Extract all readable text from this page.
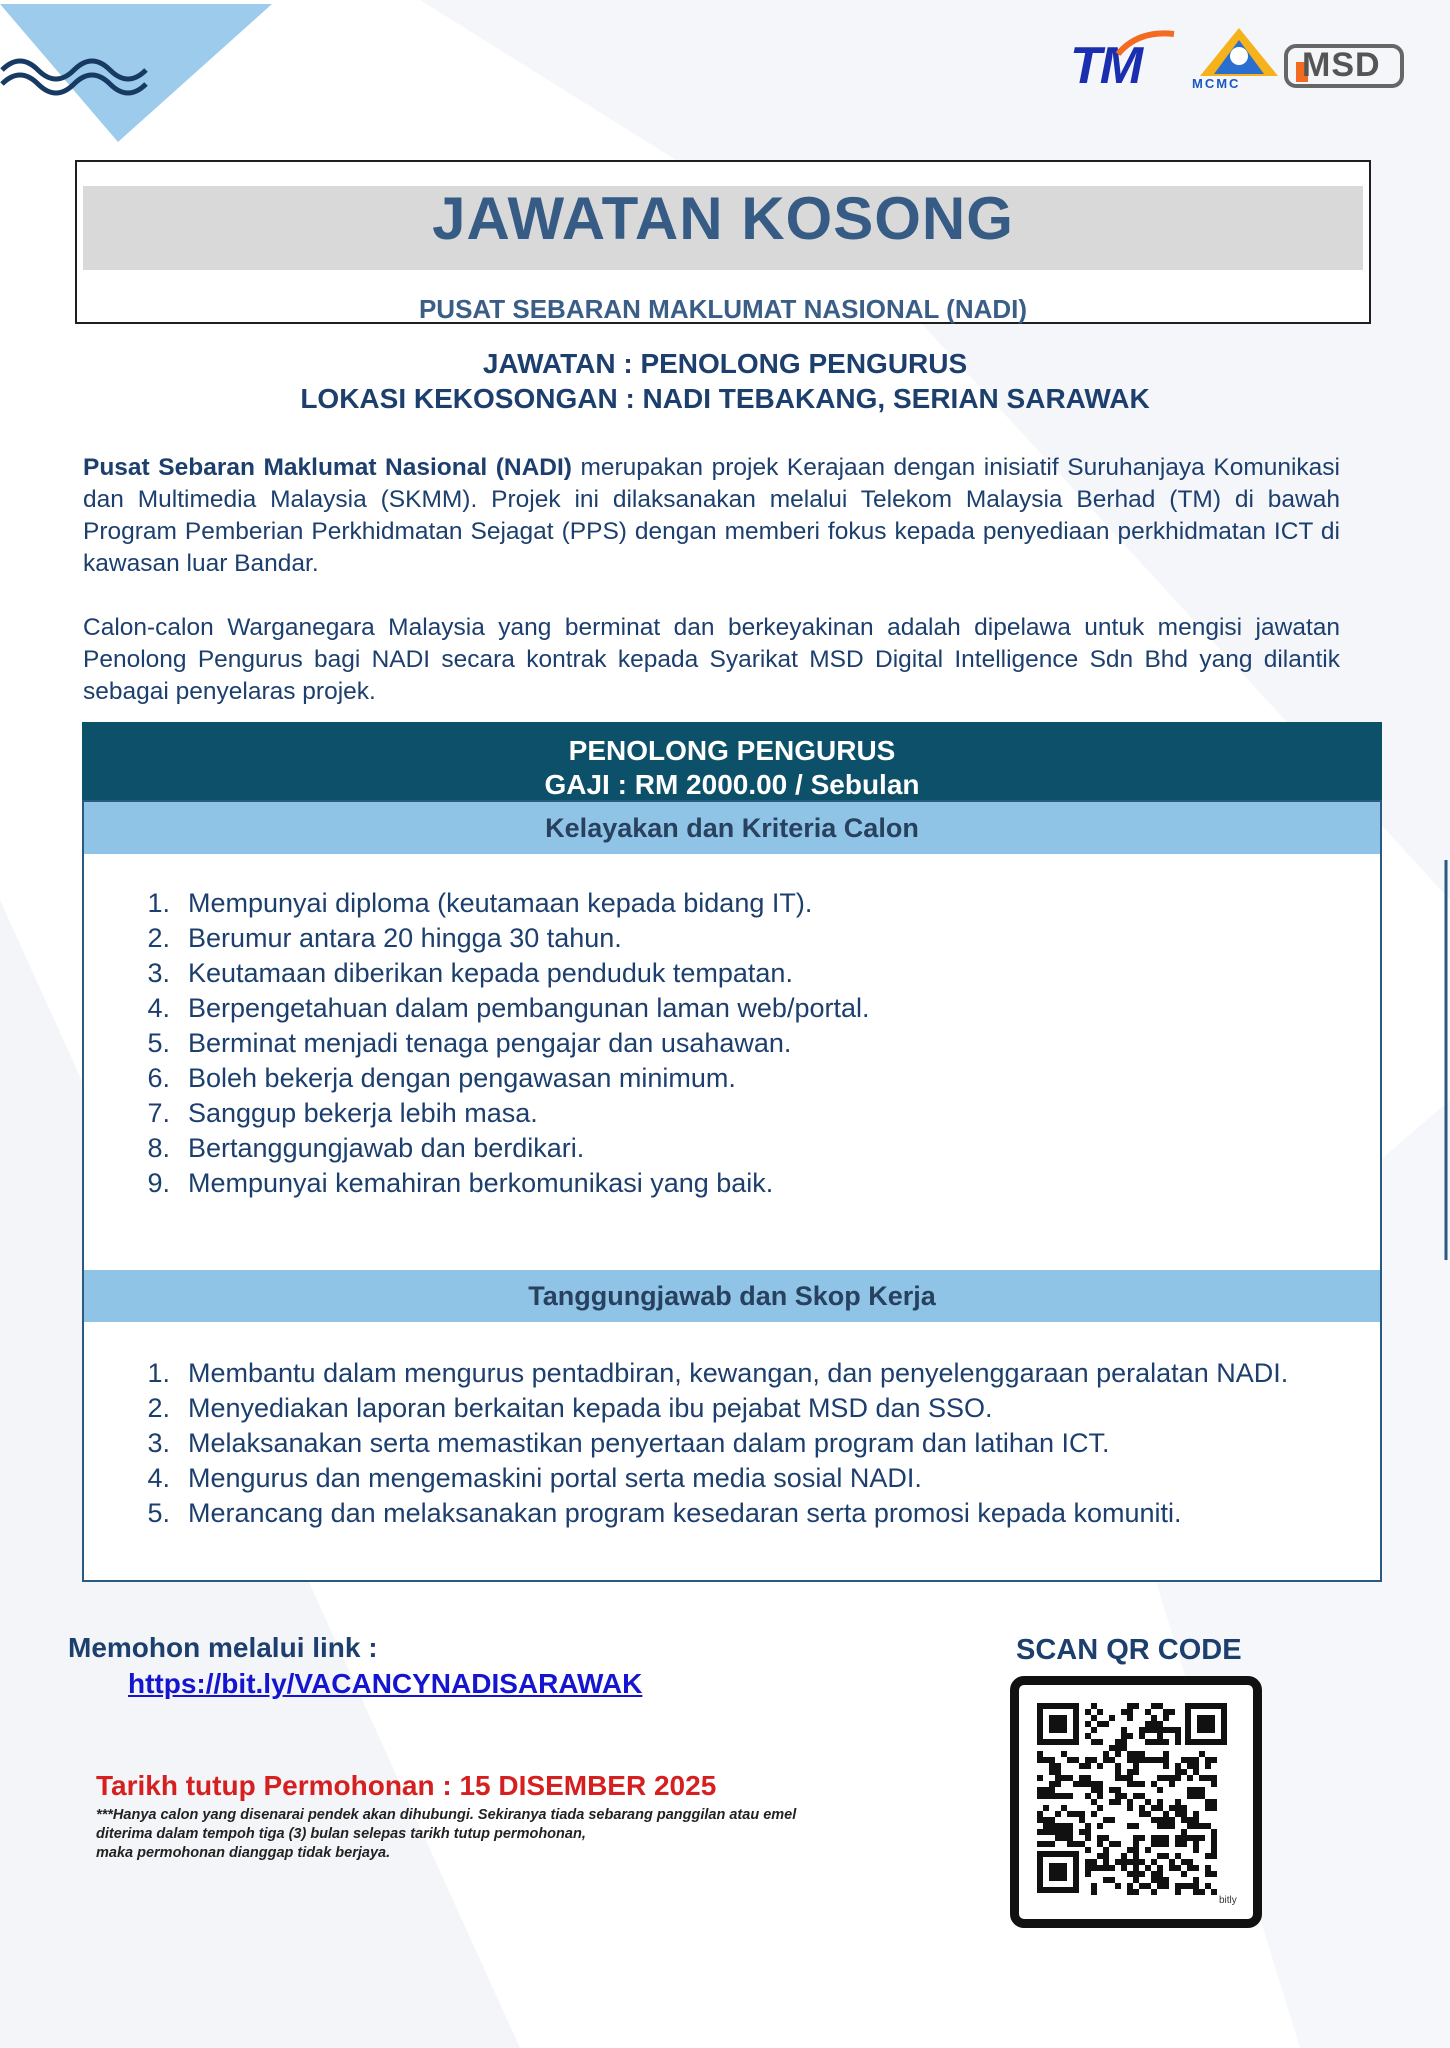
TM	MCMC MSD
JAWATAN KOSONG
PUSAT SEBARAN MAKLUMAT NASIONAL (NADI)
JAWATAN : PENOLONG PENGURUS
LOKASI KEKOSONGAN : NADI TEBAKANG, SERIAN SARAWAK
Pusat Sebaran Maklumat Nasional (NADI) merupakan projek Kerajaan dengan inisiatif Suruhanjaya Komunikasi dan Multimedia Malaysia (SKMM). Projek ini dilaksanakan melalui Telekom Malaysia Berhad (TM) di bawah Program Pemberian Perkhidmatan Sejagat (PPS) dengan memberi fokus kepada penyediaan perkhidmatan ICT di kawasan luar Bandar.
Calon-calon Warganegara Malaysia yang berminat dan berkeyakinan adalah dipelawa untuk mengisi jawatan Penolong Pengurus bagi NADI secara kontrak kepada Syarikat MSD Digital Intelligence Sdn Bhd yang dilantik sebagai penyelaras projek.
PENOLONG PENGURUS
GAJI : RM 2000.00 / Sebulan
Kelayakan dan Kriteria Calon
1. Mempunyai diploma (keutamaan kepada bidang IT).
2. Berumur antara 20 hingga 30 tahun.
3. Keutamaan diberikan kepada penduduk tempatan.
4. Berpengetahuan dalam pembangunan laman web/portal.
5. Berminat menjadi tenaga pengajar dan usahawan.
6. Boleh bekerja dengan pengawasan minimum.
7. Sanggup bekerja lebih masa.
8. Bertanggungjawab dan berdikari.
9. Mempunyai kemahiran berkomunikasi yang baik.
Tanggungjawab dan Skop Kerja
1. Membantu dalam mengurus pentadbiran, kewangan, dan penyelenggaraan peralatan NADI.
2. Menyediakan laporan berkaitan kepada ibu pejabat MSD dan SSO.
3. Melaksanakan serta memastikan penyertaan dalam program dan latihan ICT.
4. Mengurus dan mengemaskini portal serta media sosial NADI.
5. Merancang dan melaksanakan program kesedaran serta promosi kepada komuniti.
Memohon melalui link :
https://bit.ly/VACANCYNADISARAWAK
Tarikh tutup Permohonan : 15 DISEMBER 2025
***Hanya calon yang disenarai pendek akan dihubungi. Sekiranya tiada sebarang panggilan atau emel
diterima dalam tempoh tiga (3) bulan selepas tarikh tutup permohonan,
maka permohonan dianggap tidak berjaya.
SCAN QR CODE
bitly
